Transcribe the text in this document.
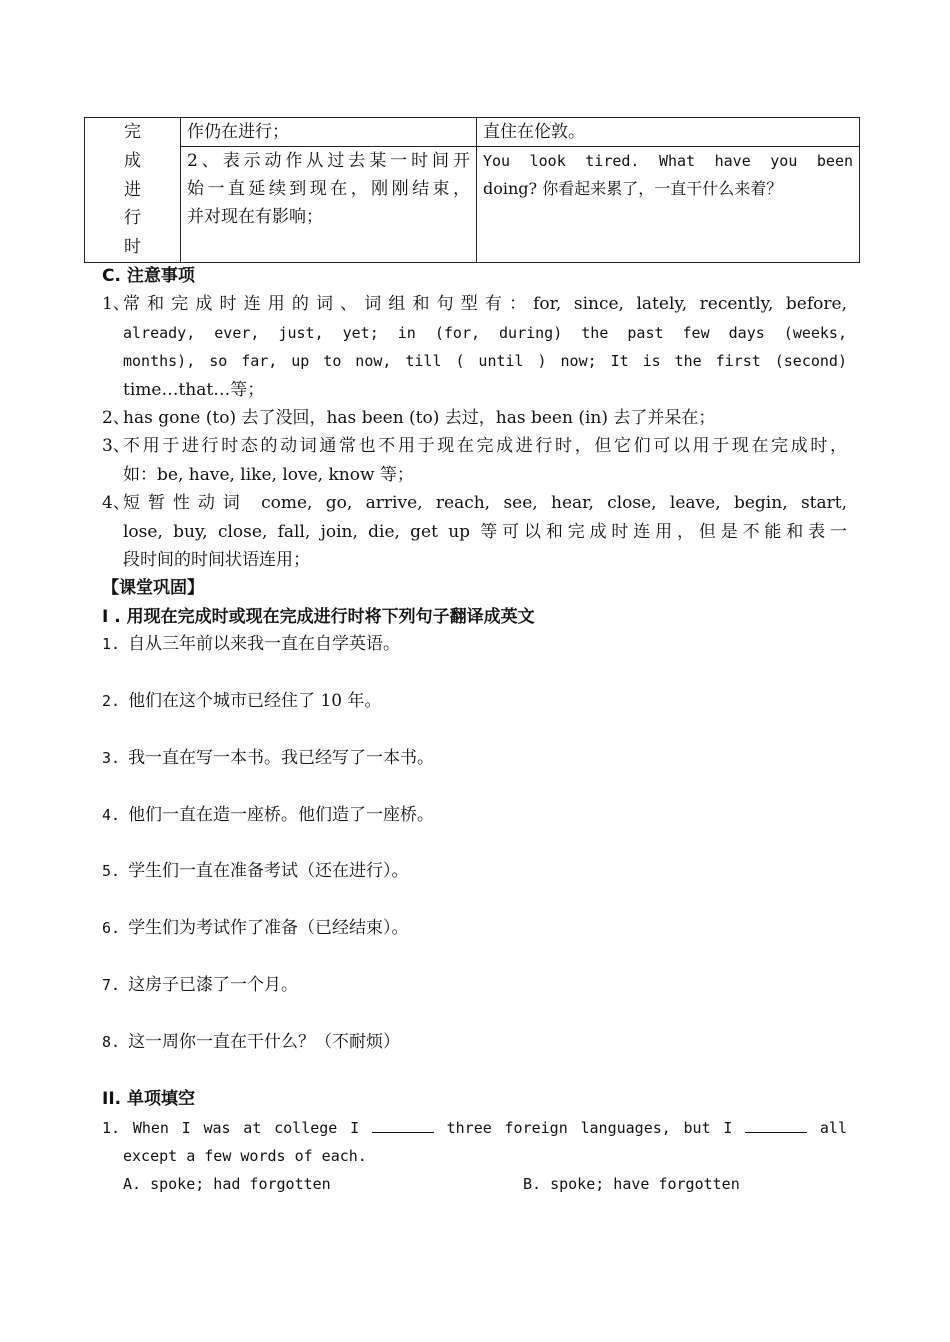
完
成
进
行
时	作仍在进行；	直住在伦敦。

	2、表示动作从过去某一时间开
始一直延续到现在，刚刚结束，
并对现在有影响；	You look tired. What have you been
doing? 你看起来累了，一直干什么来着？
C. 注意事项
1、
常和完成时连用的词、词组和句型有：for, since, lately, recently, before,
already, ever, just, yet; in (for, during) the past few days (weeks,
months), so far, up to now, till ( until ) now; It is the first (second)
time…that…等；
2、
has gone (to) 去了没回，has been (to) 去过，has been (in) 去了并呆在；
3、
不用于进行时态的动词通常也不用于现在完成进行时，但它们可以用于现在完成时，
如：be, have, like, love, know 等；
4、
短暂性动词 come, go, arrive, reach, see, hear, close, leave, begin, start,
lose, buy, close, fall, join, die, get up 等可以和完成时连用，但是不能和表一
段时间的时间状语连用；
【课堂巩固】
I . 用现在完成时或现在完成进行时将下列句子翻译成英文
1. 自从三年前以来我一直在自学英语。
2. 他们在这个城市已经住了 10 年。
3. 我一直在写一本书。我已经写了一本书。
4. 他们一直在造一座桥。他们造了一座桥。
5. 学生们一直在准备考试（还在进行）。
6. 学生们为考试作了准备（已经结束）。
7. 这房子已漆了一个月。
8. 这一周你一直在干什么？（不耐烦）
II. 单项填空
1. When I was at college I	three foreign languages, but I	all
except a few words of each.
A. spoke; had forgotten	B. spoke; have forgotten
